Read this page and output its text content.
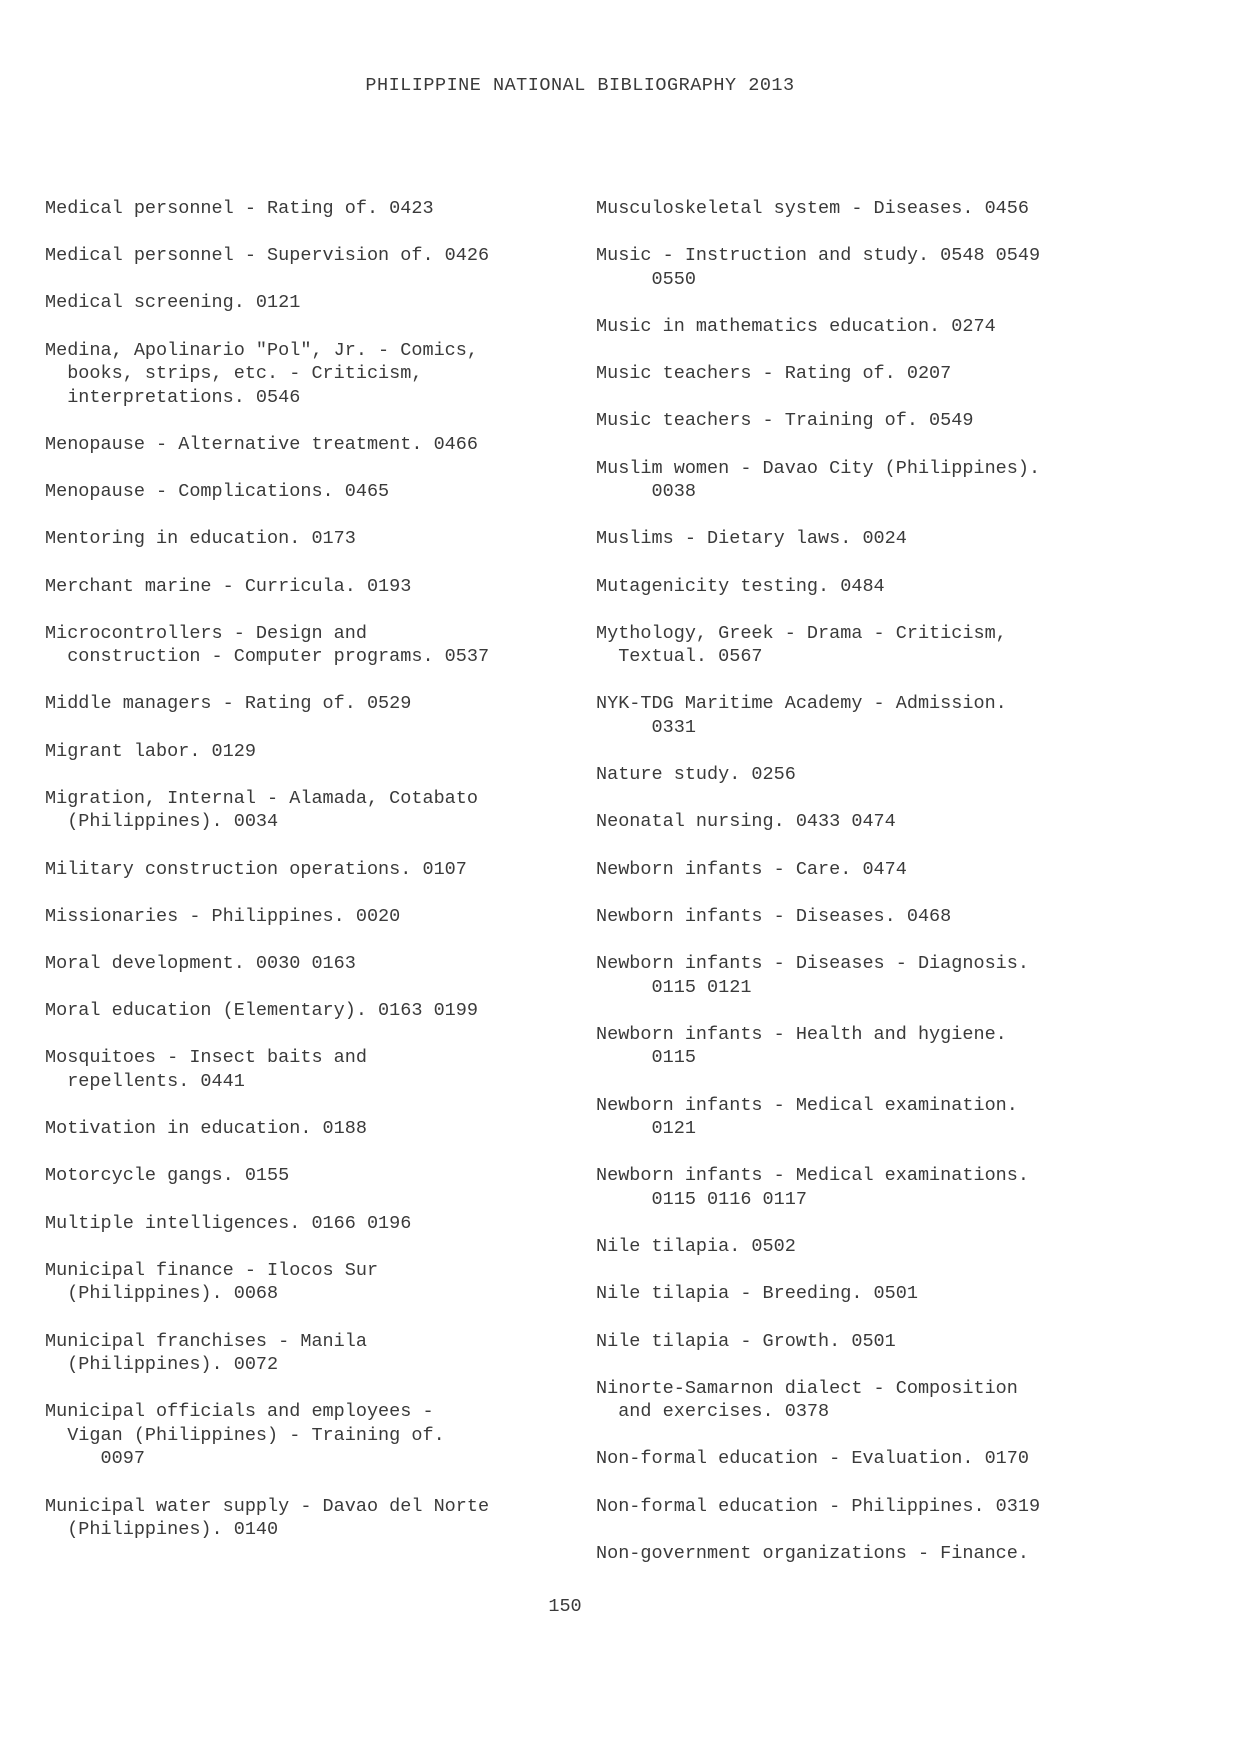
PHILIPPINE NATIONAL BIBLIOGRAPHY 2013
Medical personnel - Rating of. 0423
Medical personnel - Supervision of. 0426
Medical screening. 0121
Medina, Apolinario "Pol", Jr. - Comics,
books, strips, etc. - Criticism,
interpretations. 0546
Menopause - Alternative treatment. 0466
Menopause - Complications. 0465
Mentoring in education. 0173
Merchant marine - Curricula. 0193
Microcontrollers - Design and
construction - Computer programs. 0537
Middle managers - Rating of. 0529
Migrant labor. 0129
Migration, Internal - Alamada, Cotabato
(Philippines). 0034
Military construction operations. 0107
Missionaries - Philippines. 0020
Moral development. 0030 0163
Moral education (Elementary). 0163 0199
Mosquitoes - Insect baits and
repellents. 0441
Motivation in education. 0188
Motorcycle gangs. 0155
Multiple intelligences. 0166 0196
Municipal finance - Ilocos Sur
(Philippines). 0068
Municipal franchises - Manila
(Philippines). 0072
Municipal officials and employees -
Vigan (Philippines) - Training of.
0097
Municipal water supply - Davao del Norte
(Philippines). 0140
Musculoskeletal system - Diseases. 0456
Music - Instruction and study. 0548 0549
0550
Music in mathematics education. 0274
Music teachers - Rating of. 0207
Music teachers - Training of. 0549
Muslim women - Davao City (Philippines).
0038
Muslims - Dietary laws. 0024
Mutagenicity testing. 0484
Mythology, Greek - Drama - Criticism,
Textual. 0567
NYK-TDG Maritime Academy - Admission.
0331
Nature study. 0256
Neonatal nursing. 0433 0474
Newborn infants - Care. 0474
Newborn infants - Diseases. 0468
Newborn infants - Diseases - Diagnosis.
0115 0121
Newborn infants - Health and hygiene.
0115
Newborn infants - Medical examination.
0121
Newborn infants - Medical examinations.
0115 0116 0117
Nile tilapia. 0502
Nile tilapia - Breeding. 0501
Nile tilapia - Growth. 0501
Ninorte-Samarnon dialect - Composition
and exercises. 0378
Non-formal education - Evaluation. 0170
Non-formal education - Philippines. 0319
Non-government organizations - Finance.
150
